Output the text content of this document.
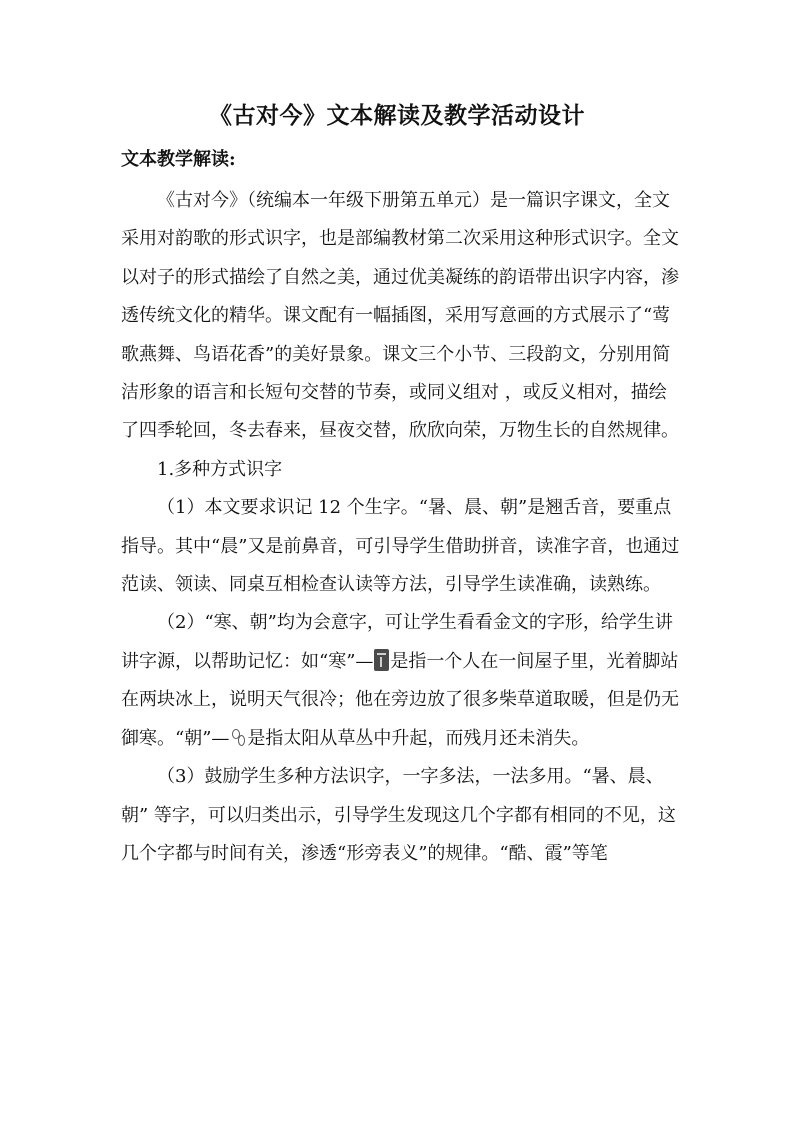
《古对今》文本解读及教学活动设计
文本教学解读:

《古对今》（统编本一年级下册第五单元）是一篇识字课文，全文采用对韵歌的形式识字，也是部编教材第二次采用这种形式识字。全文以对子的形式描绘了自然之美，通过优美凝练的韵语带出识字内容，渗透传统文化的精华。课文配有一幅插图，采用写意画的方式展示了“莺歌燕舞、鸟语花香”的美好景象。课文三个小节、三段韵文，分别用简洁形象的语言和长短句交替的节奏，或同义组对 ，或反义相对，描绘了四季轮回，冬去春来，昼夜交替，欣欣向荣，万物生长的自然规律。

1.多种方式识字

（1）本文要求识记 12 个生字。“暑、晨、朝”是翘舌音，要重点指导。其中“晨”又是前鼻音，可引导学生借助拼音，读准字音，也通过范读、领读、同桌互相检查认读等方法，引导学生读准确，读熟练。

（2）“寒、朝”均为会意字，可让学生看看金文的字形，给学生讲讲字源，以帮助记忆：如“寒”— 是指一个人在一间屋子里，光着脚站在两块冰上，说明天气很冷；他在旁边放了很多柴草道取暖，但是仍无御寒。“朝”— 是指太阳从草丛中升起，而残月还未消失。

（3）鼓励学生多种方法识字，一字多法，一法多用。“暑、晨、朝” 等字，可以归类出示，引导学生发现这几个字都有相同的不见，这几个字都与时间有关，渗透“形旁表义”的规律。“酷、霞”等笔
